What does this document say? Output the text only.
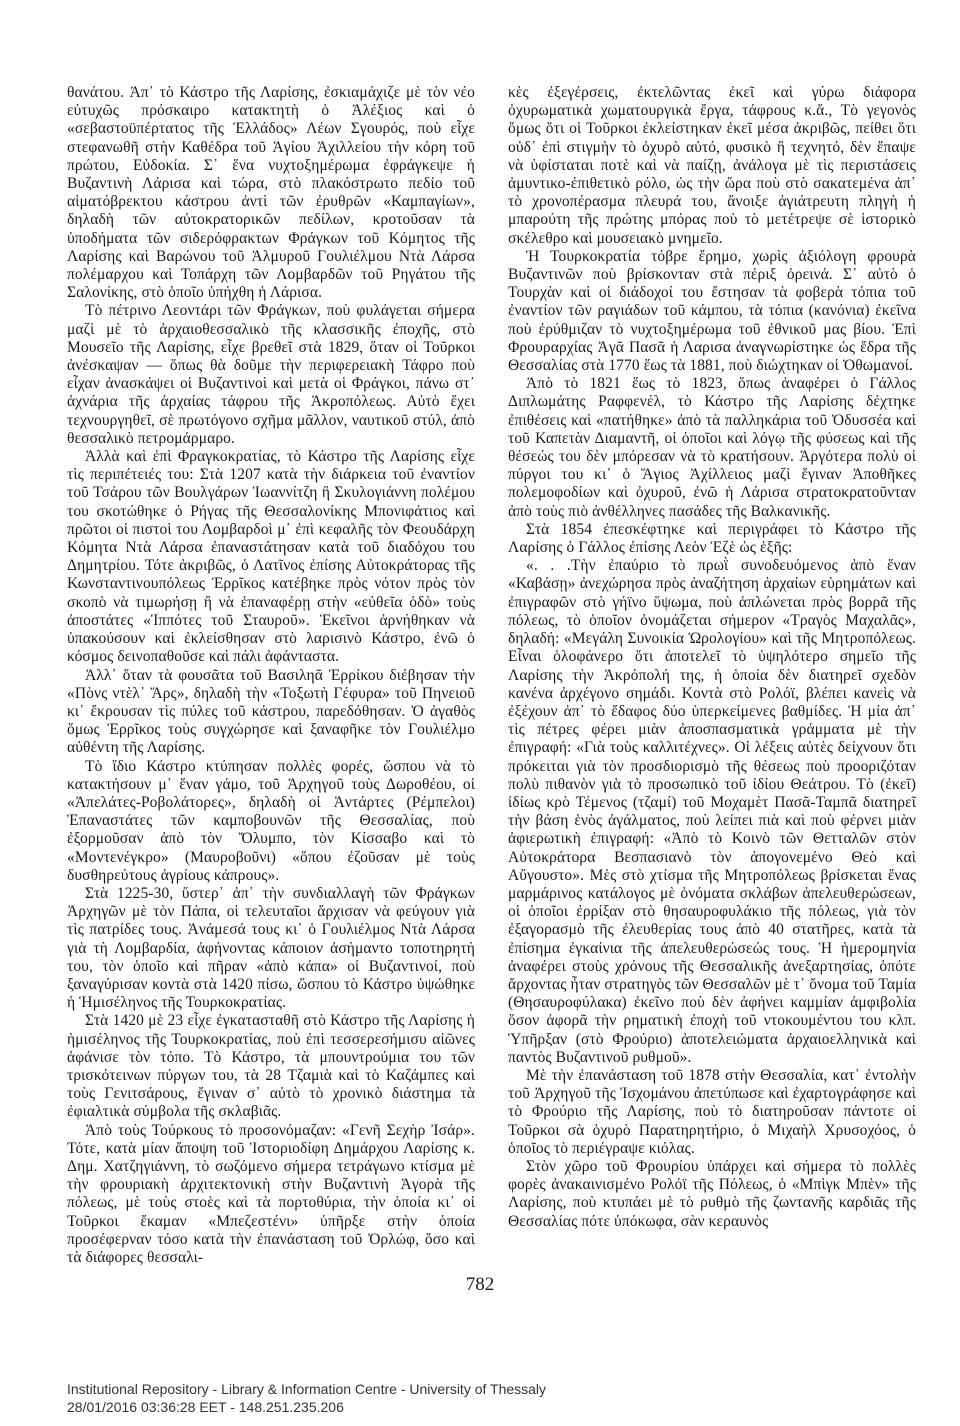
θανάτου. Ἀπ᾽ τὸ Κάστρο τῆς Λαρίσης, ἐσκιαμάχιζε μὲ τὸν νέο εὐτυχῶς πρόσκαιρο κατακτητὴ ὁ Ἀλέξιος καὶ ὁ «σεβαστοϋπέρτατος τῆς Ἑλλάδος» Λέων Σγουρός, ποὺ εἶχε στεφανωθῆ στὴν Καθέδρα τοῦ Ἁγίου Ἀχιλλείου τὴν κόρη τοῦ πρώτου, Εὐδοκία. Σ᾽ ἕνα νυχτοξημέρωμα ἐφράγκεψε ἡ Βυζαντινὴ Λάρισα καὶ τώρα, στὸ πλακόστρωτο πεδίο τοῦ αἱματόβρεκτου κάστρου ἀντὶ τῶν ἐρυθρῶν «Καμπαγίων», δηλαδὴ τῶν αὐτοκρατορικῶν πεδίλων, κροτοῦσαν τὰ ὑποδήματα τῶν σιδερόφρακτων Φράγκων τοῦ Κόμητος τῆς Λαρίσης καὶ Βαρώνου τοῦ Ἁλμυροῦ Γουλιέλμου Ντὰ Λάρσα πολέμαρχου καὶ Τοπάρχη τῶν Λομβαρδῶν τοῦ Ρηγάτου τῆς Σαλονίκης, στὸ ὁποῖο ὑπήχθη ἡ Λάρισα.

Τὸ πέτρινο Λεοντάρι τῶν Φράγκων, ποὺ φυλάγεται σήμερα μαζὶ μὲ τὸ ἀρχαιοθεσσαλικὸ τῆς κλασσικῆς ἐποχῆς, στὸ Μουσεῖο τῆς Λαρίσης, εἶχε βρεθεῖ στὰ 1829, ὅταν οἱ Τοῦρκοι ἀνέσκαψαν — ὅπως θὰ δοῦμε τὴν περιφερειακὴ Τάφρο ποὺ εἶχαν ἀνασκάψει οἱ Βυζαντινοὶ καὶ μετὰ οἱ Φράγκοι, πάνω στ᾽ ἀχνάρια τῆς ἀρχαίας τάφρου τῆς Ἀκροπόλεως. Αὐτὸ ἔχει τεχνουργηθεῖ, σὲ πρωτόγονο σχῆμα μᾶλλον, ναυτικοῦ στύλ, ἀπὸ θεσσαλικὸ πετρομάρμαρο.

Ἀλλὰ καὶ ἐπὶ Φραγκοκρατίας, τὸ Κάστρο τῆς Λαρίσης εἶχε τὶς περιπέτειές του: Στὰ 1207 κατὰ τὴν διάρκεια τοῦ ἐναντίον τοῦ Τσάρου τῶν Βουλγάρων Ἰωαννίτζη ἢ Σκυλογιάννη πολέμου του σκοτώθηκε ὁ Ρήγας τῆς Θεσσαλονίκης Μπονιφάτιος καὶ πρῶτοι οἱ πιστοὶ του Λομβαρδοὶ μ᾽ ἐπὶ κεφαλῆς τὸν Φεουδάρχη Κόμητα Ντὰ Λάρσα ἐπαναστάτησαν κατὰ τοῦ διαδόχου του Δημητρίου. Τότε ἀκριβῶς, ὁ Λατῖνος ἐπίσης Αὐτοκράτορας τῆς Κωνσταντινουπόλεως Ἐρρῖκος κατέβηκε πρὸς νότον πρὸς τὸν σκοπὸ νὰ τιμωρήσῃ ἢ νὰ ἐπαναφέρῃ στὴν «εὐθεῖα ὁδὸ» τοὺς ἀποστάτες «Ἱππότες τοῦ Σταυροῦ». Ἐκεῖνοι ἀρνήθηκαν νὰ ὑπακούσουν καὶ ἐκλείσθησαν στὸ λαρισινὸ Κάστρο, ἐνῶ ὁ κόσμος δεινοπαθοῦσε καὶ πάλι ἀφάνταστα.

Ἀλλ᾽ ὅταν τὰ φουσᾶτα τοῦ Βασιληᾶ Ἐρρίκου διέβησαν τὴν «Πὸνς ντὲλ᾽ Ἄρς», δηλαδὴ τὴν «Τοξωτὴ Γέφυρα» τοῦ Πηνειοῦ κι᾽ ἔκρουσαν τὶς πύλες τοῦ κάστρου, παρεδόθησαν. Ὁ ἀγαθὸς ὅμως Ἐρρῖκος τοὺς συγχώρησε καὶ ξαναφῆκε τὸν Γουλιέλμο αὐθέντη τῆς Λαρίσης.

Τὸ ἴδιο Κάστρο κτύπησαν πολλὲς φορές, ὥσπου νὰ τὸ κατακτήσουν μ᾽ ἕναν γάμο, τοῦ Ἀρχηγοῦ τοὺς Δωροθέου, οἱ «Ἀπελάτες-Ροβολάτορες», δηλαδὴ οἱ Ἀντάρτες (Ρέμπελοι) Ἐπαναστάτες τῶν καμποβουνῶν τῆς Θεσσαλίας, ποὺ ἐξορμοῦσαν ἀπὸ τὸν Ὄλυμπο, τὸν Κίσσαβο καὶ τὸ «Μοντενέγκρο» (Μαυροβοῦνι) «ὅπου ἐζοῦσαν μὲ τοὺς δυσθηρεύτους ἀγρίους κάπρους».

Στὰ 1225-30, ὕστερ᾽ ἀπ᾽ τὴν συνδιαλλαγὴ τῶν Φράγκων Ἀρχηγῶν μὲ τὸν Πάπα, οἱ τελευταῖοι ἄρχισαν νὰ φεύγουν γιὰ τὶς πατρίδες τους. Ἀνάμεσά τους κι᾽ ὁ Γουλιέλμος Ντὰ Λάρσα γιὰ τὴ Λομβαρδία, ἀφήνοντας κάποιον ἀσήμαντο τοποτηρητή του, τὸν ὁποῖο καὶ πῆραν «ἀπὸ κάπα» οἱ Βυζαντινοί, ποὺ ξαναγύρισαν κοντὰ στὰ 1420 πίσω, ὥσπου τὸ Κάστρο ὑψώθηκε ἡ Ἡμισέληνος τῆς Τουρκοκρατίας.

Στὰ 1420 μὲ 23 εἶχε ἐγκατασταθῆ στὸ Κάστρο τῆς Λαρίσης ἡ ἡμισέληνος τῆς Τουρκοκρατίας, ποὺ ἐπὶ τεσσερεσήμισυ αἰῶνες ἀφάνισε τὸν τόπο. Τὸ Κάστρο, τὰ μπουντρούμια του τῶν τρισκότεινων πύργων του, τὰ 28 Τζαμιὰ καὶ τὸ Καζάμπες καὶ τοὺς Γενιτσάρους, ἔγιναν σ᾽ αὐτὸ τὸ χρονικὸ διάστημα τὰ ἐφιαλτικὰ σύμβολα τῆς σκλαβιᾶς.

Ἀπὸ τοὺς Τούρκους τὸ προσονόμαζαν: «Γενῆ Σεχὴρ Ἰσάρ». Τότε, κατὰ μίαν ἄποψη τοῦ Ἱστοριοδίφη Δημάρχου Λαρίσης κ. Δημ. Χατζηγιάννη, τὸ σωζόμενο σήμερα τετράγωνο κτίσμα μὲ τὴν φρουριακὴ ἀρχιτεκτονικὴ στὴν Βυζαντινὴ Ἀγορὰ τῆς πόλεως, μὲ τοὺς στοὲς καὶ τὰ πορτοθύρια, τὴν ὁποία κι᾽ οἱ Τοῦρκοι ἔκαμαν «Μπεζεστένι» ὑπῆρξε στὴν ὁποία προσέφερναν τόσο κατὰ τὴν ἐπανάσταση τοῦ Ὀρλώφ, ὅσο καὶ τὰ διάφορες θεσσαλι-

κὲς ἐξεγέρσεις, ἐκτελῶντας ἐκεῖ καὶ γύρω διάφορα ὀχυρωματικὰ χωματουργικὰ ἔργα, τάφρους κ.ἄ., Τὸ γεγονὸς ὅμως ὅτι οἱ Τοῦρκοι ἐκλείστηκαν ἐκεῖ μέσα ἀκριβῶς, πείθει ὅτι οὐδ᾽ ἐπὶ στιγμὴν τὸ ὀχυρὸ αὐτό, φυσικὸ ἢ τεχνητό, δὲν ἔπαψε νὰ ὑφίσταται ποτὲ καὶ νὰ παίζῃ, ἀνάλογα μὲ τὶς περιστάσεις ἀμυντικο-ἐπιθετικὸ ρόλο, ὡς τὴν ὥρα ποὺ στὸ σακατεμένα ἀπ᾽ τὸ χρονοπέρασμα πλευρά του, ἄνοιξε ἀγιάτρευτη πληγὴ ἡ μπαρούτη τῆς πρώτης μπόρας ποὺ τὸ μετέτρεψε σὲ ἱστορικὸ σκέλεθρο καὶ μουσειακὸ μνημεῖο.

Ἡ Τουρκοκρατία τόβρε ἔρημο, χωρὶς ἀξιόλογη φρουρὰ Βυζαντινῶν ποὺ βρίσκονταν στὰ πέριξ ὀρεινά. Σ᾽ αὐτὸ ὁ Τουρχὰν καὶ οἱ διάδοχοί του ἔστησαν τὰ φοβερὰ τόπια τοῦ ἐναντίον τῶν ραγιάδων τοῦ κάμπου, τὰ τόπια (κανόνια) ἐκεῖνα ποὺ ἐρύθμιζαν τὸ νυχτοξημέρωμα τοῦ ἐθνικοῦ μας βίου. Ἐπὶ Φρουραρχίας Ἀγᾶ Πασᾶ ἡ Λαρισα ἀναγνωρίστηκε ὡς ἕδρα τῆς Θεσσαλίας στὰ 1770 ἕως τὰ 1881, ποὺ διώχτηκαν οἱ Ὀθωμανοί.

Ἀπὸ τὸ 1821 ἕως τὸ 1823, ὅπως ἀναφέρει ὁ Γάλλος Διπλωμάτης Ραφφενέλ, τὸ Κάστρο τῆς Λαρίσης δέχτηκε ἐπιθέσεις καὶ «πατήθηκε» ἀπὸ τὰ παλληκάρια τοῦ Ὀδυσσέα καὶ τοῦ Καπετὰν Διαμαντῆ, οἱ ὁποῖοι καὶ λόγῳ τῆς φύσεως καὶ τῆς θέσεώς του δὲν μπόρεσαν νὰ τὸ κρατήσουν. Ἀργότερα πολὺ οἱ πύργοι του κι᾽ ὁ Ἅγιος Ἀχίλλειος μαζὶ ἔγιναν Ἀποθῆκες πολεμοφοδίων καὶ ὀχυροῦ, ἐνῶ ἡ Λάρισα στρατοκρατοῦνταν ἀπὸ τοὺς πιὸ ἀνθέλληνες πασάδες τῆς Βαλκανικῆς.

Στὰ 1854 ἐπεσκέφτηκε καὶ περιγράφει τὸ Κάστρο τῆς Λαρίσης ὁ Γάλλος ἐπίσης Λεὸν Ἑζὲ ὡς ἑξῆς:

«. . .Τὴν ἐπαύριο τὸ πρωῒ συνοδευόμενος ἀπὸ ἕναν «Καβάσῃ» ἀνεχώρησα πρὸς ἀναζήτηση ἀρχαίων εὑρημάτων καὶ ἐπιγραφῶν στὸ γήϊνο ὕψωμα, ποὺ ἁπλώνεται πρὸς βορρᾶ τῆς πόλεως, τὸ ὁποῖον ὀνομάζεται σήμερον «Τραγὸς Μαχαλᾶς», δηλαδή: «Μεγάλη Συνοικία Ὡρολογίου» καὶ τῆς Μητροπόλεως. Εἶναι ὁλοφάνερο ὅτι ἀποτελεῖ τὸ ὑψηλότερο σημεῖο τῆς Λαρίσης τὴν Ἀκρόπολή της, ἡ ὁποία δὲν διατηρεῖ σχεδὸν κανένα ἀρχέγονο σημάδι. Κοντὰ στὸ Ρολόϊ, βλέπει κανεὶς νὰ ἐξέχουν ἀπ᾽ τὸ ἔδαφος δύο ὑπερκείμενες βαθμίδες. Ἡ μία ἀπ᾽ τὶς πέτρες φέρει μιὰν ἀποσπασματικὰ γράμματα μὲ τὴν ἐπιγραφή: «Γιὰ τοὺς καλλιτέχνες». Οἱ λέξεις αὐτὲς δείχνουν ὅτι πρόκειται γιὰ τὸν προσδιορισμὸ τῆς θέσεως ποὺ προοριζόταν πολὺ πιθανὸν γιὰ τὸ προσωπικὸ τοῦ ἰδίου Θεάτρου. Τὸ (ἐκεῖ) ἰδίως κρὸ Τέμενος (τζαμί) τοῦ Μοχαμὲτ Πασᾶ-Ταμπᾶ διατηρεῖ τὴν βάση ἑνὸς ἀγάλματος, ποὺ λείπει πιὰ καὶ ποὺ φέρνει μιὰν ἀφιερωτικὴ ἐπιγραφή: «Ἀπὸ τὸ Κοινὸ τῶν Θετταλῶν στὸν Αὐτοκράτορα Βεσπασιανὸ τὸν ἀπογονεμένο Θεὸ καὶ Αὔγουστο». Μὲς στὸ χτίσμα τῆς Μητροπόλεως βρίσκεται ἕνας μαρμάρινος κατάλογος μὲ ὀνόματα σκλάβων ἀπελευθερώσεων, οἱ ὁποῖοι ἐρρίξαν στὸ θησαυροφυλάκιο τῆς πόλεως, γιὰ τὸν ἐξαγορασμὸ τῆς ἐλευθερίας τους ἀπὸ 40 στατῆρες, κατὰ τὰ ἐπίσημα ἐγκαίνια τῆς ἀπελευθερώσεώς τους. Ἡ ἡμερομηνία ἀναφέρει στοὺς χρόνους τῆς Θεσσαλικῆς ἀνεξαρτησίας, ὁπότε ἄρχοντας ἦταν στρατηγὸς τῶν Θεσσαλῶν μὲ τ᾽ ὄνομα τοῦ Ταμία (Θησαυροφύλακα) ἐκεῖνο ποὺ δὲν ἀφήνει καμμίαν ἀμφιβολία ὅσον ἀφορᾶ τὴν ρηματικὴ ἐποχὴ τοῦ ντοκουμέντου του κλπ. Ὑπῆρξαν (στὸ Φρούριο) ἀποτελειώματα ἀρχαιοελληνικὰ καὶ παντὸς Βυζαντινοῦ ρυθμοῦ».

Μὲ τὴν ἐπανάσταση τοῦ 1878 στὴν Θεσσαλία, κατ᾽ ἐντολὴν τοῦ Ἀρχηγοῦ τῆς Ἰσχομάνου ἀπετύπωσε καὶ ἐχαρτογράφησε καὶ τὸ Φρούριο τῆς Λαρίσης, ποὺ τὸ διατηροῦσαν πάντοτε οἱ Τοῦρκοι σὰ ὀχυρὸ Παρατηρητήριο, ὁ Μιχαὴλ Χρυσοχόος, ὁ ὁποῖος τὸ περιέγραψε κιόλας.

Στὸν χῶρο τοῦ Φρουρίου ὑπάρχει καὶ σήμερα τὸ πολλὲς φορὲς ἀνακαινισμένο Ρολόϊ τῆς Πόλεως, ὁ «Μπὶγκ Μπὲν» τῆς Λαρίσης, ποὺ κτυπάει μὲ τὸ ρυθμὸ τῆς ζωντανῆς καρδιᾶς τῆς Θεσσαλίας πότε ὑπόκωφα, σὰν κεραυνὸς

782
Institutional Repository - Library & Information Centre - University of Thessaly
28/01/2016 03:36:28 EET - 148.251.235.206
